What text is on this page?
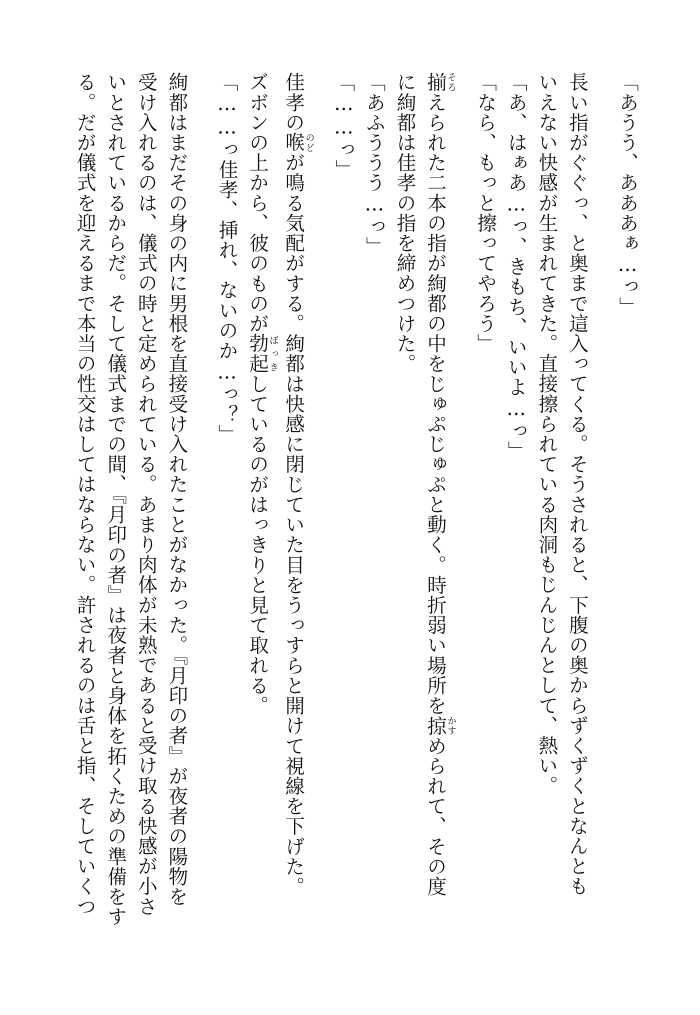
「あうう、あああぁ…っ」
長い指がぐぐっ、と奥まで這入ってくる。そうされると、下腹の奥からずくずくとなんとも
いえない快感が生まれてきた。直接擦られている肉洞もじんじんとして、熱い。
「あ、はぁあ…っ、きもち、いいよ…っ」
「なら、もっと擦ってやろう」
揃そろえられた二本の指が絢都の中をじゅぷじゅぷと動く。時折弱い場所を掠かすめられて、その度
に絢都は佳孝の指を締めつけた。
「あふううう…っ」
「……っ」
佳孝の喉のどが鳴る気配がする。絢都は快感に閉じていた目をうっすらと開けて視線を下げた。
ズボンの上から、彼のものが勃起ぼっきしているのがはっきりと見て取れる。
「……っ佳孝、挿れ、ないのか…っ？」
絢都はまだその身の内に男根を直接受け入れたことがなかった。『月印の者』が夜者の陽物を
受け入れるのは、儀式の時と定められている。あまり肉体が未熟であると受け取る快感が小さ
いとされているからだ。そして儀式までの間、『月印の者』は夜者と身体を拓くための準備をす
る。だが儀式を迎えるまで本当の性交はしてはならない。許されるのは舌と指、そしていくつ
